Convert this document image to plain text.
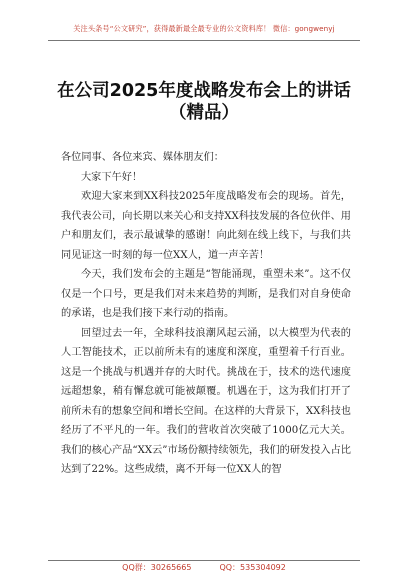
关注头条号“公文研究”，获得最新最全最专业的公文资料库！ 微信：gongwenyj
在公司2025年度战略发布会上的讲话
（精品）

各位同事、各位来宾、媒体朋友们：

大家下午好！

欢迎大家来到XX科技2025年度战略发布会的现场。首先，我代表公司，向长期以来关心和支持XX科技发展的各位伙伴、用户和朋友们，表示最诚挚的感谢！向此刻在线上线下，与我们共同见证这一时刻的每一位XX人，道一声辛苦！

今天，我们发布会的主题是“智能涌现，重塑未来”。这不仅仅是一个口号，更是我们对未来趋势的判断，是我们对自身使命的承诺，也是我们接下来行动的指南。

回望过去一年，全球科技浪潮风起云涌，以大模型为代表的人工智能技术，正以前所未有的速度和深度，重塑着千行百业。这是一个挑战与机遇并存的大时代。挑战在于，技术的迭代速度远超想象，稍有懈怠就可能被颠覆。机遇在于，这为我们打开了前所未有的想象空间和增长空间。在这样的大背景下，XX科技也经历了不平凡的一年。我们的营收首次突破了1000亿元大关。我们的核心产品“XX云”市场份额持续领先，我们的研发投入占比达到了22%。这些成绩，离不开每一位XX人的智

QQ群：30265665	QQ：535304092
